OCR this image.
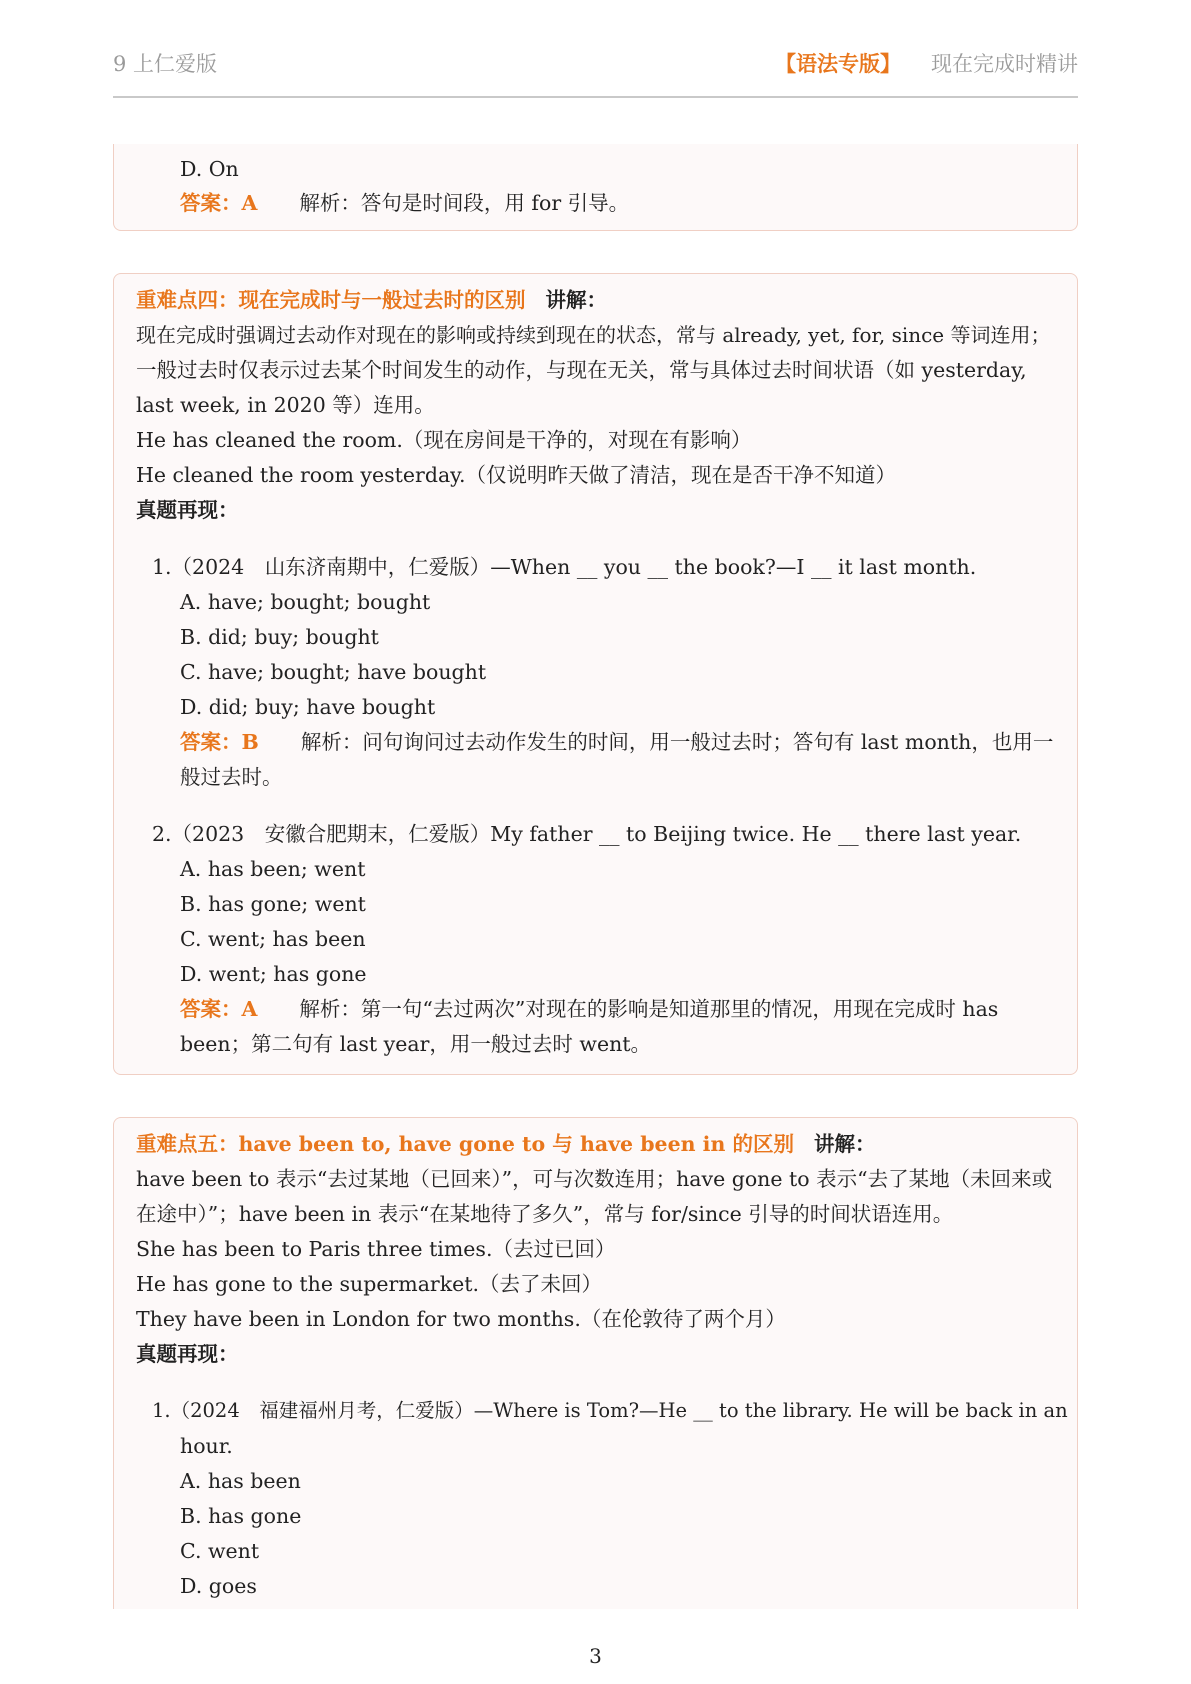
9 上仁爱版	【语法专版】 现在完成时精讲
D. On
答案：A 解析：答句是时间段，用 for 引导。
重难点四：现在完成时与一般过去时的区别 讲解：
现在完成时强调过去动作对现在的影响或持续到现在的状态，常与 already, yet, for, since 等词连用；
一般过去时仅表示过去某个时间发生的动作，与现在无关，常与具体过去时间状语（如 yesterday,
last week, in 2020 等）连用。
He has cleaned the room.（现在房间是干净的，对现在有影响）
He cleaned the room yesterday.（仅说明昨天做了清洁，现在是否干净不知道）
真题再现：
1.（2024　山东济南期中，仁爱版）—When __ you __ the book?—I __ it last month.
A. have; bought; bought
B. did; buy; bought
C. have; bought; have bought
D. did; buy; have bought
答案：B 解析：问句询问过去动作发生的时间，用一般过去时；答句有 last month，也用一
般过去时。
2.（2023　安徽合肥期末，仁爱版）My father __ to Beijing twice. He __ there last year.
A. has been; went
B. has gone; went
C. went; has been
D. went; has gone
答案：A 解析：第一句“去过两次”对现在的影响是知道那里的情况，用现在完成时 has
been；第二句有 last year，用一般过去时 went。
重难点五：have been to, have gone to 与 have been in 的区别 讲解：
have been to 表示“去过某地（已回来）”，可与次数连用；have gone to 表示“去了某地（未回来或
在途中）”；have been in 表示“在某地待了多久”，常与 for/since 引导的时间状语连用。
She has been to Paris three times.（去过已回）
He has gone to the supermarket.（去了未回）
They have been in London for two months.（在伦敦待了两个月）
真题再现：
1.（2024　福建福州月考，仁爱版）—Where is Tom?—He __ to the library. He will be back in an
hour.
A. has been
B. has gone
C. went
D. goes
3
